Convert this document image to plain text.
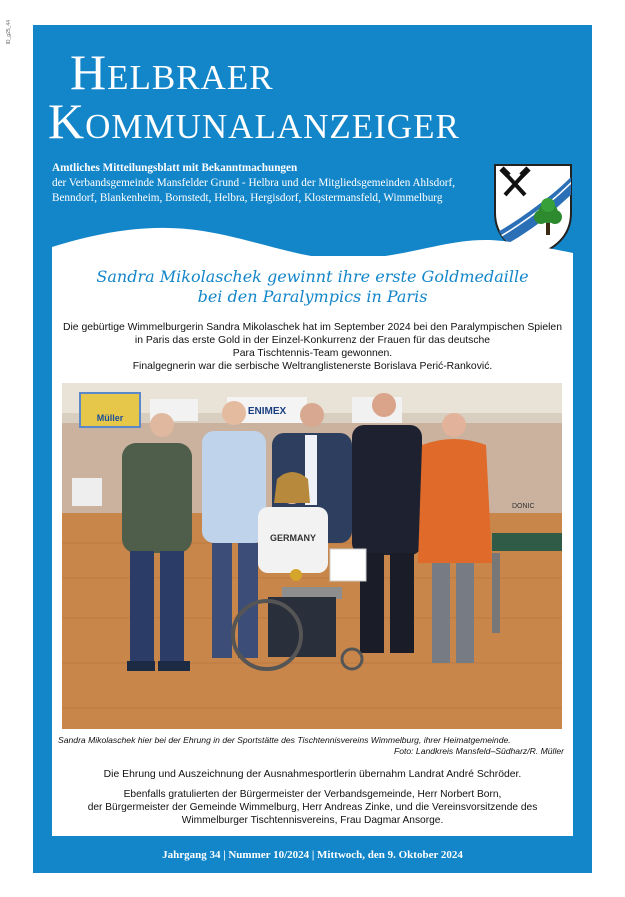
ID_g25_44
Helbraer
Kommunalanzeiger
Amtliches Mitteilungsblatt mit Bekanntmachungen
der Verbandsgemeinde Mansfelder Grund - Helbra und der Mitgliedsgemeinden Ahlsdorf,
Benndorf, Blankenheim, Bornstedt, Helbra, Hergisdorf, Klostermansfeld, Wimmelburg
Sandra Mikolaschek gewinnt ihre erste Goldmedaille
bei den Paralympics in Paris
Die gebürtige Wimmelburgerin Sandra Mikolaschek hat im September 2024 bei den Paralympischen Spielen
in Paris das erste Gold in der Einzel-Konkurrenz der Frauen für das deutsche
Para Tischtennis-Team gewonnen.
Finalgegnerin war die serbische Weltranglistenerste Borislava Perić-Ranković.
Müller
ENIMEX
DONIC
GERMANY
Sandra Mikolaschek hier bei der Ehrung in der Sportstätte des Tischtennisvereins Wimmelburg, ihrer Heimatgemeinde.
Foto: Landkreis Mansfeld–Südharz/R. Müller
Die Ehrung und Auszeichnung der Ausnahmesportlerin übernahm Landrat André Schröder.
Ebenfalls gratulierten der Bürgermeister der Verbandsgemeinde, Herr Norbert Born,
der Bürgermeister der Gemeinde Wimmelburg, Herr Andreas Zinke, und die Vereinsvorsitzende des
Wimmelburger Tischtennisvereins, Frau Dagmar Ansorge.
Jahrgang 34 | Nummer 10/2024 | Mittwoch, den 9. Oktober 2024
